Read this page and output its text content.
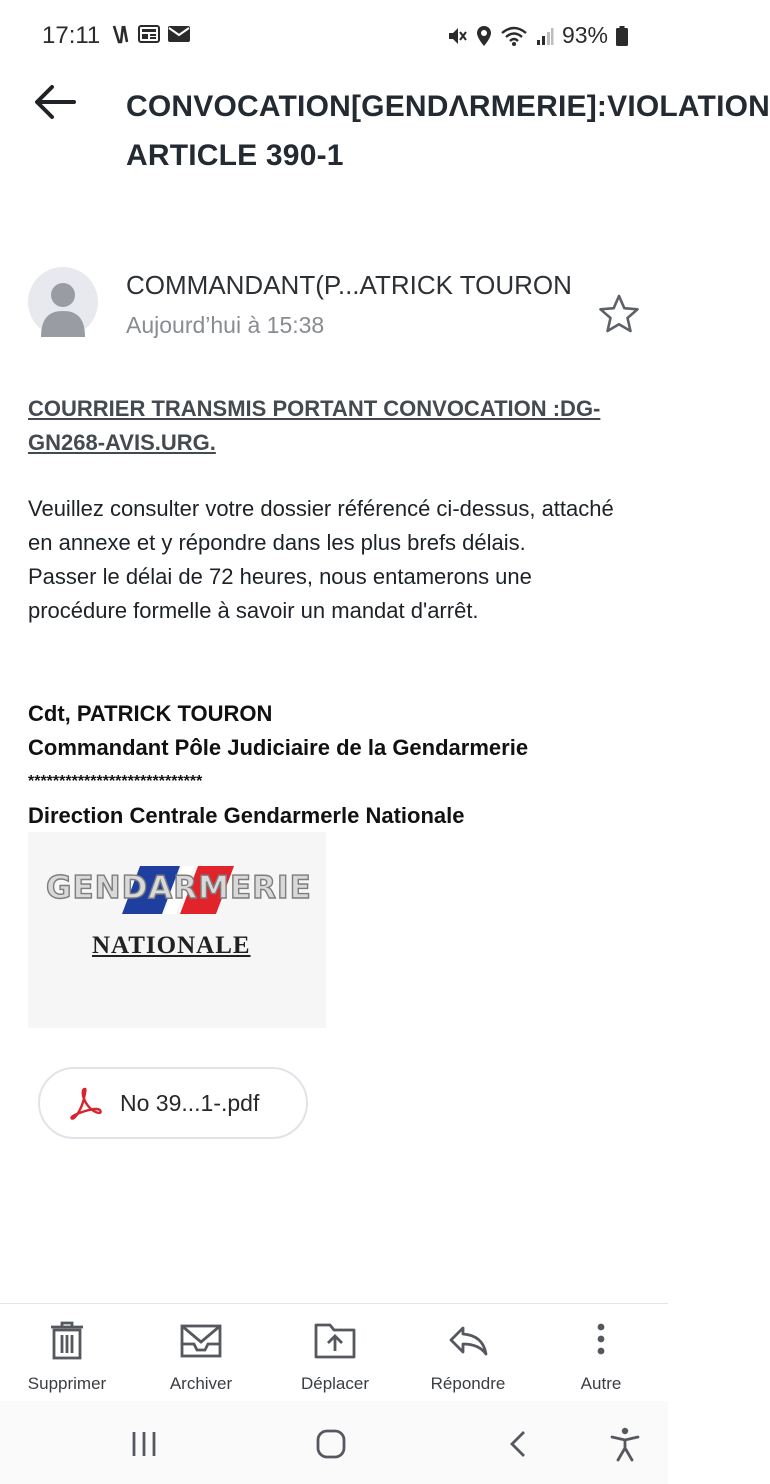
17:11	93%
CONVOCATION[GENDΛRMERIE]:VIOLATION ARTICLE 390-1
COMMANDANT(P...ATRICK TOURON
Aujourd’hui à 15:38
COURRIER TRANSMIS PORTANT CONVOCATION :DG-GN268-AVIS.URG.
Veuillez consulter votre dossier référencé ci-dessus, attaché en annexe et y répondre dans les plus brefs délais.
Passer le délai de 72 heures, nous entamerons une procédure formelle à savoir un mandat d'arrêt.
Cdt, PATRICK TOURON
Commandant Pôle Judiciaire de la Gendarmerie
****************************
Direction Centrale Gendarmerle Nationale
GENDARMERIE
NATIONALE
No 39...1-.pdf
Supprimer	Archiver	Déplacer	Répondre	Autre
